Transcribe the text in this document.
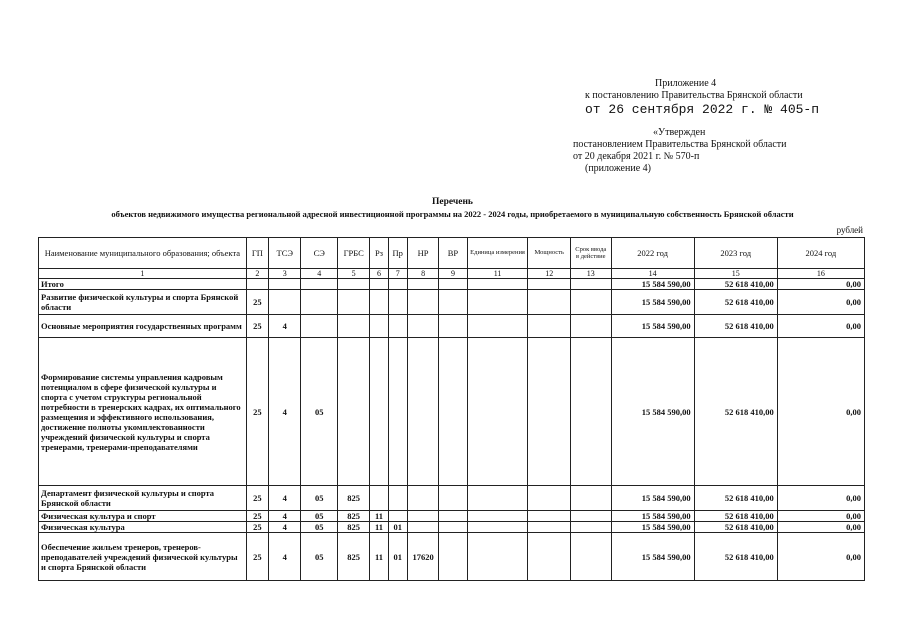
Приложение 4
к постановлению Правительства Брянской области
от 26 сентября 2022 г. № 405-п
«Утвержден
постановлением Правительства Брянской области
от 20 декабря 2021 г. № 570-п
(приложение 4)
Перечень
объектов недвижимого имущества региональной адресной инвестиционной программы на 2022 - 2024 годы, приобретаемого в муниципальную собственность Брянской области
рублей
Наименование муниципального образования; объекта	ГП	ТСЭ	СЭ	ГРБС	Рз	Пр	НР	ВР	Единица измерения	Мощность	Срок ввода в действие	2022 год	2023 год	2024 год
1	2	3	4	5	6	7	8	9	11	12	13	14	15	16
Итого												15 584 590,00	52 618 410,00	0,00
Развитие физической культуры и спорта Брянской области	25											15 584 590,00	52 618 410,00	0,00
Основные мероприятия государственных программ	25	4										15 584 590,00	52 618 410,00	0,00
Формирование системы управления кадровым потенциалом в сфере физической культуры и спорта с учетом структуры региональной потребности в тренерских кадрах, их оптимального размещения и эффективного использования, достижение полноты укомплектованности учреждений физической культуры и спорта тренерами, тренерами-преподавателями	25	4	05									15 584 590,00	52 618 410,00	0,00
Департамент физической культуры и спорта Брянской области	25	4	05	825								15 584 590,00	52 618 410,00	0,00
Физическая культура и спорт	25	4	05	825	11							15 584 590,00	52 618 410,00	0,00
Физическая культура	25	4	05	825	11	01						15 584 590,00	52 618 410,00	0,00
Обеспечение жильем тренеров, тренеров-преподавателей учреждений физической культуры и спорта Брянской области	25	4	05	825	11	01	17620					15 584 590,00	52 618 410,00	0,00
